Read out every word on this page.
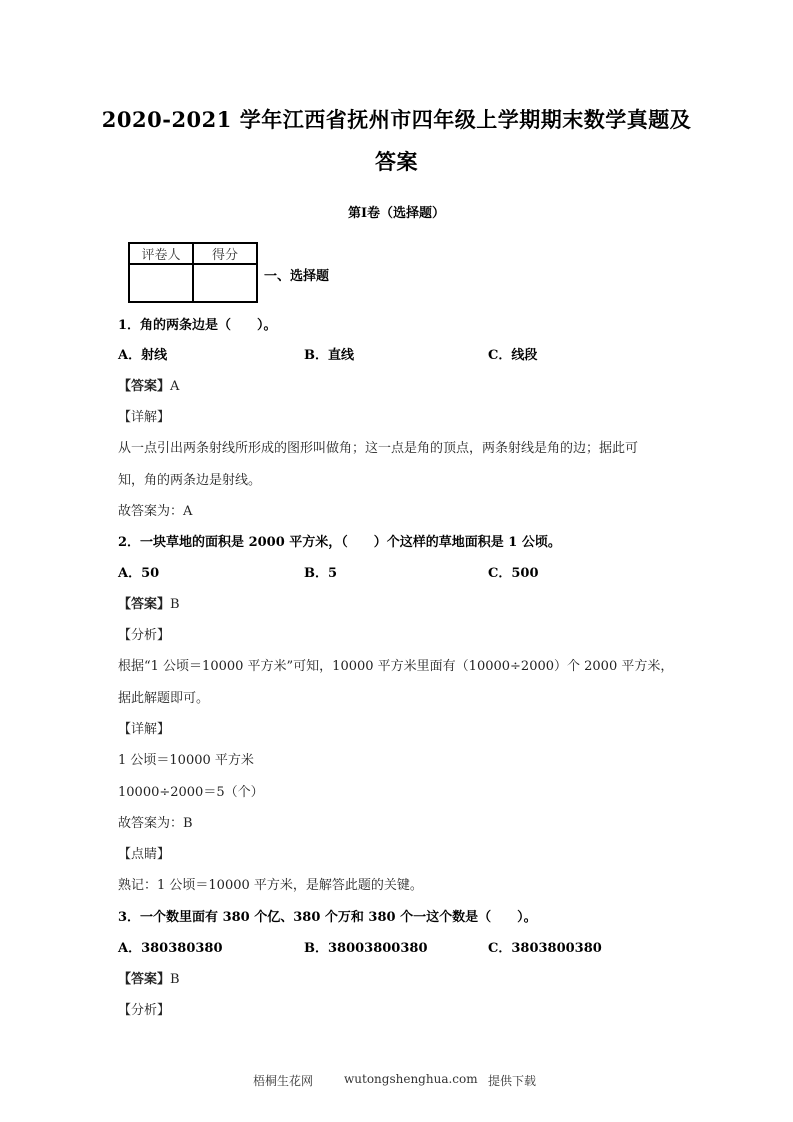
2020-2021 学年江西省抚州市四年级上学期期末数学真题及
答案
第Ⅰ卷（选择题）
评卷人	得分

一、选择题
1．角的两条边是（　　）。
A．射线	B．直线	C．线段
【答案】A
【详解】
从一点引出两条射线所形成的图形叫做角；这一点是角的顶点，两条射线是角的边；据此可
知，角的两条边是射线。
故答案为：A
2．一块草地的面积是 2000 平方米，（　　）个这样的草地面积是 1 公顷。
A．50	B．5	C．500
【答案】B
【分析】
根据“1 公顷＝10000 平方米”可知，10000 平方米里面有（10000÷2000）个 2000 平方米，
据此解题即可。
【详解】
1 公顷＝10000 平方米
10000÷2000＝5（个）
故答案为：B
【点睛】
熟记：1 公顷＝10000 平方米，是解答此题的关键。
3．一个数里面有 380 个亿、380 个万和 380 个一这个数是（　　）。
A．380380380	B．38003800380	C．3803800380
【答案】B
【分析】
梧桐生花网	wutongshenghua.com 提供下载
